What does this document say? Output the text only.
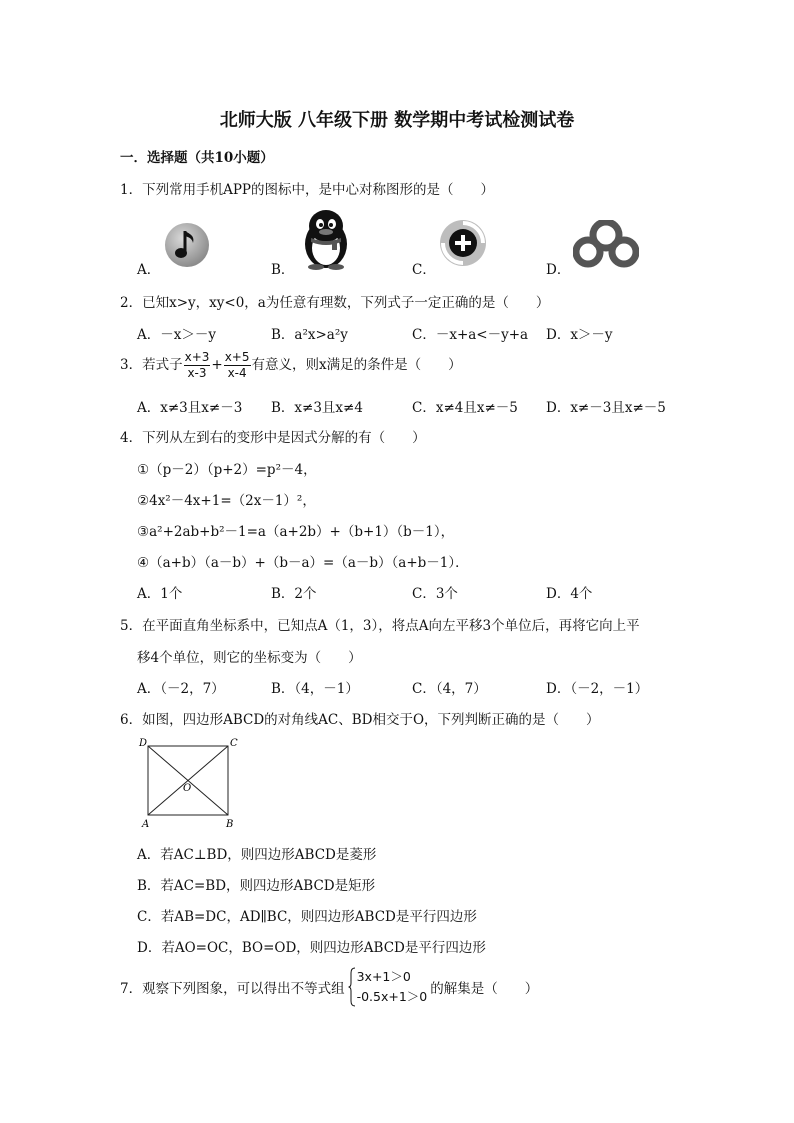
北师大版 八年级下册 数学期中考试检测试卷
一．选择题（共10小题）
1．下列常用手机APP的图标中，是中心对称图形的是（　　）
A．	B．	C．	D．
2．已知x>y，xy<0，a为任意有理数，下列式子一定正确的是（　　）
A．－x＞－y	B．a²x>a²y	C．－x+a<－y+a D．x＞－y
3．若式子 $\frac{x+3}{x-3} + \frac{x+5}{x-4}$ 有意义，则x满足的条件是（　　）
A．x≠3且x≠－3 B．x≠3且x≠4	C．x≠4且x≠－5 D．x≠－3且x≠－5
4．下列从左到右的变形中是因式分解的有（　　）
①（p－2）（p+2）=p²－4，
②4x²－4x+1=（2x－1）²，
③a²+2ab+b²－1=a（a+2b）+（b+1）（b－1），
④（a+b）（a－b）+（b－a）=（a－b）（a+b－1）．
A．1个	B．2个	C．3个	D．4个
5．在平面直角坐标系中，已知点A（1，3），将点A向左平移3个单位后，再将它向上平
移4个单位，则它的坐标变为（　　）
A．（－2，7）	B．（4，－1）	C．（4，7）	D．（－2，－1）
6．如图，四边形ABCD的对角线AC、BD相交于O，下列判断正确的是（　　）
D	C
A	B
O
A．若AC⊥BD，则四边形ABCD是菱形
B．若AC=BD，则四边形ABCD是矩形
C．若AB=DC，AD∥BC，则四边形ABCD是平行四边形
D．若AO=OC，BO=OD，则四边形ABCD是平行四边形
7．观察下列图象，可以得出不等式组
3x+1＞0
-0.5x+1＞0 的解集是（　　）
